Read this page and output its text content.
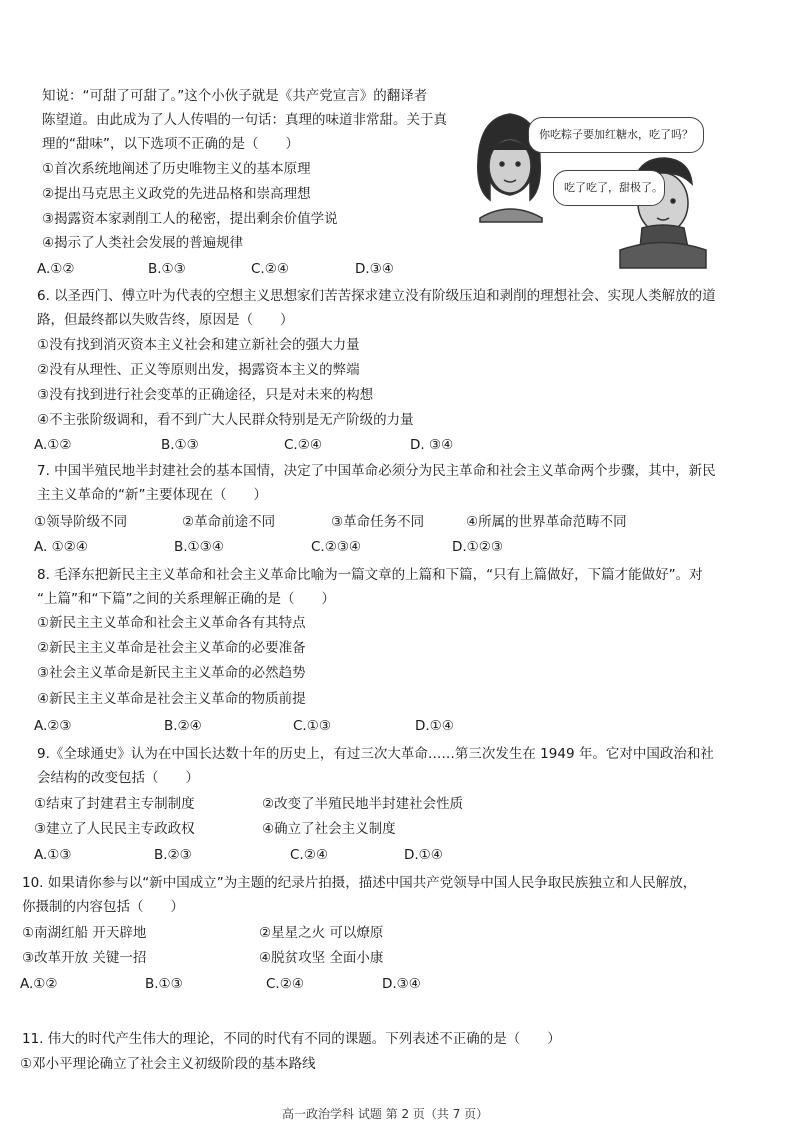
知说：“可甜了可甜了。”这个小伙子就是《共产党宣言》的翻译者
陈望道。由此成为了人人传唱的一句话：真理的味道非常甜。关于真
理的“甜味”，以下选项不正确的是（　　）
①首次系统地阐述了历史唯物主义的基本原理
②提出马克思主义政党的先进品格和崇高理想
③揭露资本家剥削工人的秘密，提出剩余价值学说
④揭示了人类社会发展的普遍规律
A.①②	B.①③	C.②④	D.③④
你吃粽子要加红糖水，吃了吗？
吃了吃了，甜极了。
6. 以圣西门、傅立叶为代表的空想主义思想家们苦苦探求建立没有阶级压迫和剥削的理想社会、实现人类解放的道
路，但最终都以失败告终，原因是（　　）
①没有找到消灭资本主义社会和建立新社会的强大力量
②没有从理性、正义等原则出发，揭露资本主义的弊端
③没有找到进行社会变革的正确途径，只是对未来的构想
④不主张阶级调和，看不到广大人民群众特别是无产阶级的力量
A.①②	B.①③	C.②④	D. ③④
7. 中国半殖民地半封建社会的基本国情，决定了中国革命必须分为民主革命和社会主义革命两个步骤，其中，新民
主主义革命的“新”主要体现在（　　）
①领导阶级不同	②革命前途不同	③革命任务不同	④所属的世界革命范畴不同
A. ①②④	B.①③④	C.②③④	D.①②③
8. 毛泽东把新民主主义革命和社会主义革命比喻为一篇文章的上篇和下篇，“只有上篇做好，下篇才能做好”。对
“上篇”和“下篇”之间的关系理解正确的是（　　）
①新民主主义革命和社会主义革命各有其特点
②新民主主义革命是社会主义革命的必要准备
③社会主义革命是新民主主义革命的必然趋势
④新民主主义革命是社会主义革命的物质前提
A.②③	B.②④	C.①③	D.①④
9.《全球通史》认为在中国长达数十年的历史上，有过三次大革命……第三次发生在 1949 年。它对中国政治和社
会结构的改变包括（　　）
①结束了封建君主专制制度	②改变了半殖民地半封建社会性质
③建立了人民民主专政政权	④确立了社会主义制度
A.①③	B.②③	C.②④	D.①④
10. 如果请你参与以“新中国成立”为主题的纪录片拍摄，描述中国共产党领导中国人民争取民族独立和人民解放，
你摄制的内容包括（　　）
①南湖红船 开天辟地	②星星之火 可以燎原
③改革开放 关键一招	④脱贫攻坚 全面小康
A.①②	B.①③	C.②④	D.③④
11. 伟大的时代产生伟大的理论，不同的时代有不同的课题。下列表述不正确的是（　　）
①邓小平理论确立了社会主义初级阶段的基本路线
高一政治学科 试题 第 2 页（共 7 页）
